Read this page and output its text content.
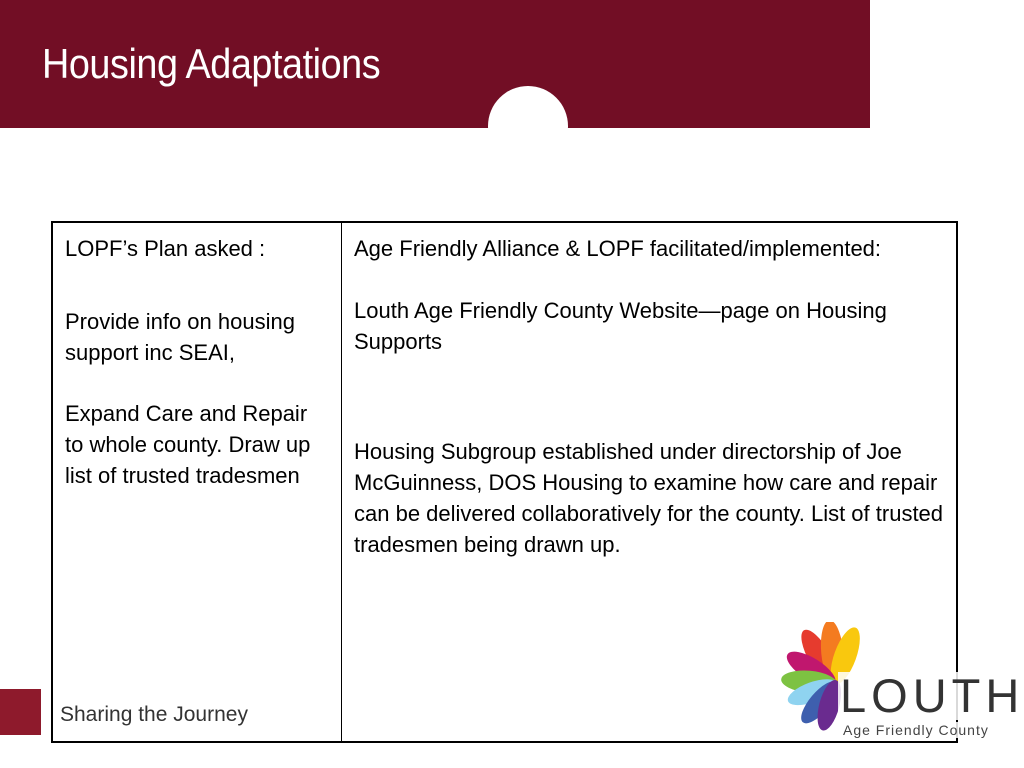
Housing Adaptations
LOPF’s Plan asked :
Provide info on housing support inc SEAI,
Expand Care and Repair to whole county. Draw up list of trusted tradesmen

Age Friendly Alliance & LOPF facilitated/implemented:
Louth Age Friendly County Website—page on Housing Supports
Housing Subgroup established under directorship of Joe McGuinness, DOS Housing to examine how care and repair can be delivered collaboratively for the county. List of trusted tradesmen being drawn up.
Sharing the Journey	LOUTH
Age Friendly County
